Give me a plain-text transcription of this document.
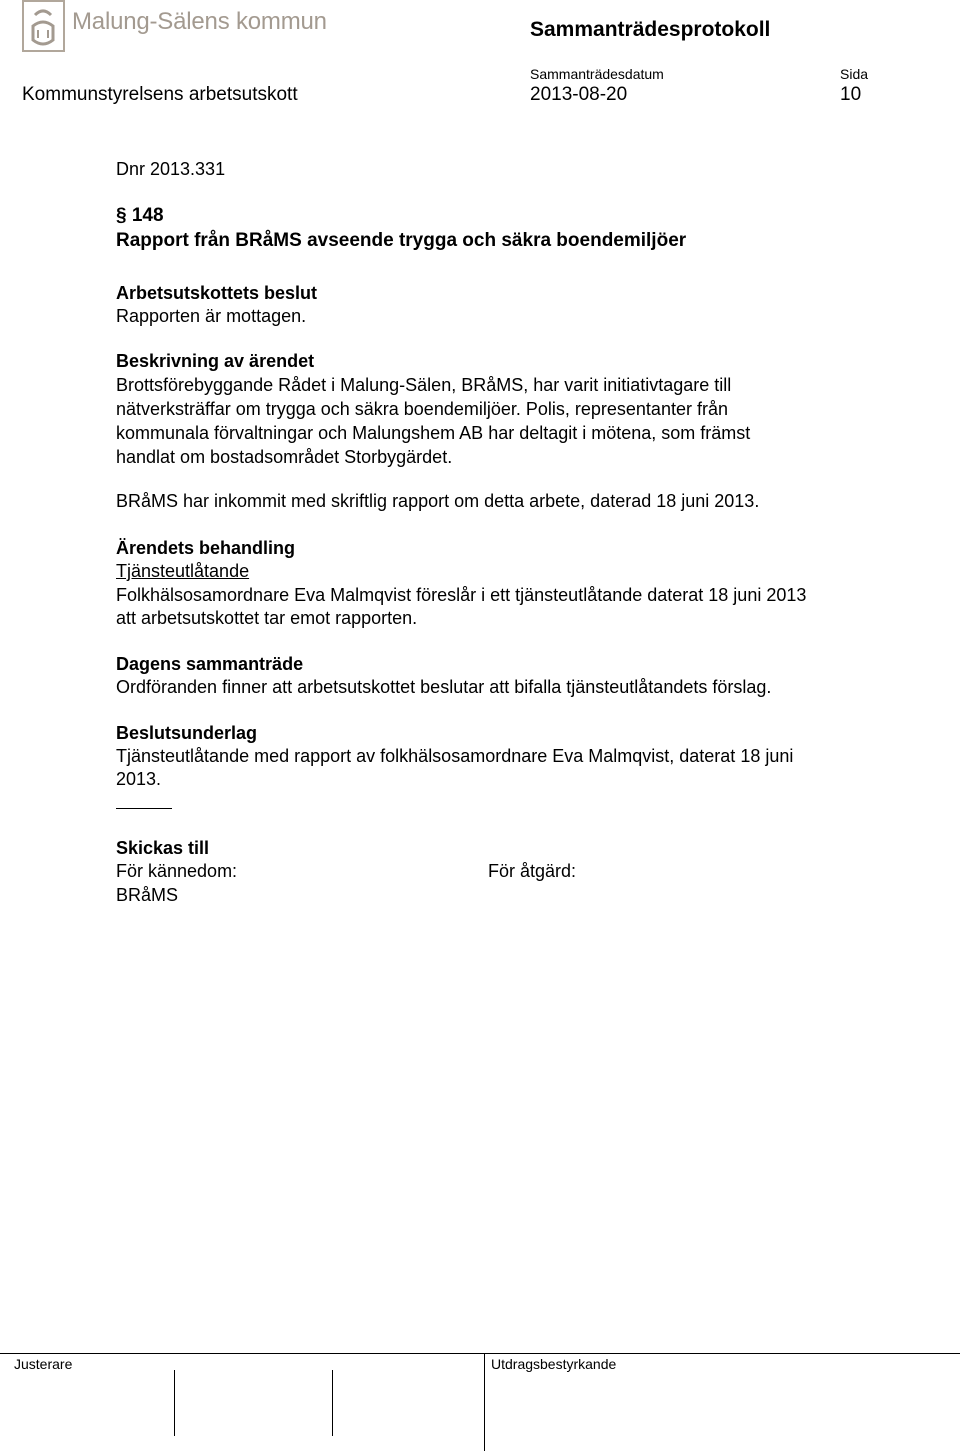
Malung-Sälens kommun	Sammanträdesprotokoll
Sammanträdesdatum	Sida
Kommunstyrelsens arbetsutskott	2013-08-20	10
Dnr 2013.331
§ 148
Rapport från BRåMS avseende trygga och säkra boendemiljöer
Arbetsutskottets beslut
Rapporten är mottagen.
Beskrivning av ärendet
Brottsförebyggande Rådet i Malung-Sälen, BRåMS, har varit initiativtagare till
nätverksträffar om trygga och säkra boendemiljöer. Polis, representanter från
kommunala förvaltningar och Malungshem AB har deltagit i mötena, som främst
handlat om bostadsområdet Storbygärdet.
BRåMS har inkommit med skriftlig rapport om detta arbete, daterad 18 juni 2013.
Ärendets behandling
Tjänsteutlåtande
Folkhälsosamordnare Eva Malmqvist föreslår i ett tjänsteutlåtande daterat 18 juni 2013
att arbetsutskottet tar emot rapporten.
Dagens sammanträde
Ordföranden finner att arbetsutskottet beslutar att bifalla tjänsteutlåtandets förslag.
Beslutsunderlag
Tjänsteutlåtande med rapport av folkhälsosamordnare Eva Malmqvist, daterat 18 juni
2013.
Skickas till
För kännedom:	För åtgärd:
BRåMS
Justerare	Utdragsbestyrkande
